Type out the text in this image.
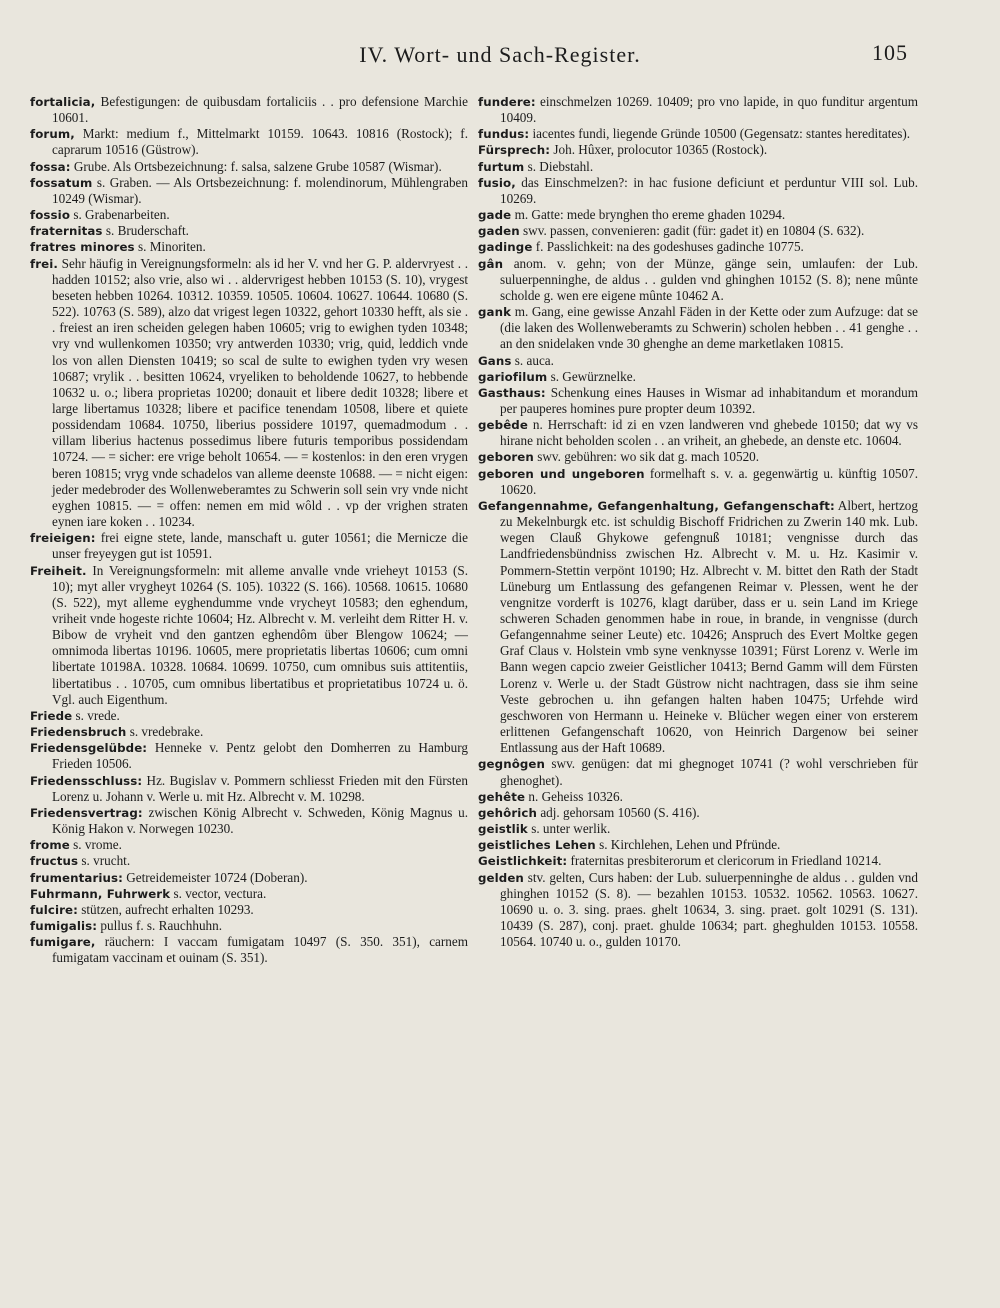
IV. Wort- und Sach-Register.	105

fortalicia, Befestigungen: de quibusdam fortaliciis . . pro defensione Marchie 10601.

forum, Markt: medium f., Mittelmarkt 10159. 10643. 10816 (Rostock); f. caprarum 10516 (Güstrow).

fossa: Grube. Als Ortsbezeichnung: f. salsa, salzene Grube 10587 (Wismar).

fossatum s. Graben. — Als Ortsbezeichnung: f. molendinorum, Mühlengraben 10249 (Wismar).

fossio s. Grabenarbeiten.

fraternitas s. Bruderschaft.

fratres minores s. Minoriten.

frei. Sehr häufig in Vereignungsformeln: als id her V. vnd her G. P. aldervryest . . hadden 10152; also vrie, also wi . . aldervrigest hebben 10153 (S. 10), vrygest beseten hebben 10264. 10312. 10359. 10505. 10604. 10627. 10644. 10680 (S. 522). 10763 (S. 589), alzo dat vrigest legen 10322, gehort 10330 hefft, als sie . . freiest an iren scheiden gelegen haben 10605; vrig to ewighen tyden 10348; vry vnd wullenkomen 10350; vry antwerden 10330; vrig, quid, leddich vnde los von allen Diensten 10419; so scal de sulte to ewighen tyden vry wesen 10687; vrylik . . besitten 10624, vryeliken to beholdende 10627, to hebbende 10632 u. o.; libera proprietas 10200; donauit et libere dedit 10328; libere et large libertamus 10328; libere et pacifice tenendam 10508, libere et quiete possidendam 10684. 10750, liberius possidere 10197, quemadmodum . . villam liberius hactenus possedimus libere futuris temporibus possidendam 10724. — = sicher: ere vrige beholt 10654. — = kostenlos: in den eren vrygen beren 10815; vryg vnde schadelos van alleme deenste 10688. — = nicht eigen: jeder medebroder des Wollenweberamtes zu Schwerin soll sein vry vnde nicht eyghen 10815. — = offen: nemen em mid wôld . . vp der vrighen straten eynen iare koken . . 10234.

freieigen: frei eigne stete, lande, manschaft u. guter 10561; die Mernicze die unser freyeygen gut ist 10591.

Freiheit. In Vereignungsformeln: mit alleme anvalle vnde vrieheyt 10153 (S. 10); myt aller vrygheyt 10264 (S. 105). 10322 (S. 166). 10568. 10615. 10680 (S. 522), myt alleme eyghendumme vnde vrycheyt 10583; den eghendum, vriheit vnde hogeste richte 10604; Hz. Albrecht v. M. verleiht dem Ritter H. v. Bibow de vryheit vnd den gantzen eghendôm über Blengow 10624; — omnimoda libertas 10196. 10605, mere proprietatis libertas 10606; cum omni libertate 10198A. 10328. 10684. 10699. 10750, cum omnibus suis attitentiis, libertatibus . . 10705, cum omnibus libertatibus et proprietatibus 10724 u. ö. Vgl. auch Eigenthum.

Friede s. vrede.

Friedensbruch s. vredebrake.

Friedensgelübde: Henneke v. Pentz gelobt den Domherren zu Hamburg Frieden 10506.

Friedensschluss: Hz. Bugislav v. Pommern schliesst Frieden mit den Fürsten Lorenz u. Johann v. Werle u. mit Hz. Albrecht v. M. 10298.

Friedensvertrag: zwischen König Albrecht v. Schweden, König Magnus u. König Hakon v. Norwegen 10230.

frome s. vrome.

fructus s. vrucht.

frumentarius: Getreidemeister 10724 (Doberan).

Fuhrmann, Fuhrwerk s. vector, vectura.

fulcire: stützen, aufrecht erhalten 10293.

fumigalis: pullus f. s. Rauchhuhn.

fumigare, räuchern: I vaccam fumigatam 10497 (S. 350. 351), carnem fumigatam vaccinam et ouinam (S. 351).

fundere: einschmelzen 10269. 10409; pro vno lapide, in quo funditur argentum 10409.

fundus: iacentes fundi, liegende Gründe 10500 (Gegensatz: stantes hereditates).

Fürsprech: Joh. Hûxer, prolocutor 10365 (Rostock).

furtum s. Diebstahl.

fusio, das Einschmelzen?: in hac fusione deficiunt et perduntur VIII sol. Lub. 10269.

gade m. Gatte: mede brynghen tho ereme ghaden 10294.

gaden swv. passen, convenieren: gadit (für: gadet it) en 10804 (S. 632).

gadinge f. Passlichkeit: na des godeshuses gadinche 10775.

gân anom. v. gehn; von der Münze, gänge sein, umlaufen: der Lub. suluerpenninghe, de aldus . . gulden vnd ghinghen 10152 (S. 8); nene mûnte scholde g. wen ere eigene mûnte 10462 A.

gank m. Gang, eine gewisse Anzahl Fäden in der Kette oder zum Aufzuge: dat se (die laken des Wollenweberamts zu Schwerin) scholen hebben . . 41 genghe . . an den snidelaken vnde 30 ghenghe an deme marketlaken 10815.

Gans s. auca.

gariofilum s. Gewürznelke.

Gasthaus: Schenkung eines Hauses in Wismar ad inhabitandum et morandum per pauperes homines pure propter deum 10392.

gebêde n. Herrschaft: id zi en vzen landweren vnd ghebede 10150; dat wy vs hirane nicht beholden scolen . . an vriheit, an ghebede, an denste etc. 10604.

geboren swv. gebühren: wo sik dat g. mach 10520.

geboren und ungeboren formelhaft s. v. a. gegenwärtig u. künftig 10507. 10620.

Gefangennahme, Gefangenhaltung, Gefangenschaft: Albert, hertzog zu Mekelnburgk etc. ist schuldig Bischoff Fridrichen zu Zwerin 140 mk. Lub. wegen Clauß Ghykowe gefengnuß 10181; vengnisse durch das Landfriedensbündniss zwischen Hz. Albrecht v. M. u. Hz. Kasimir v. Pommern-Stettin verpönt 10190; Hz. Albrecht v. M. bittet den Rath der Stadt Lüneburg um Entlassung des gefangenen Reimar v. Plessen, went he der vengnitze vorderft is 10276, klagt darüber, dass er u. sein Land im Kriege schweren Schaden genommen habe in roue, in brande, in vengnisse (durch Gefangennahme seiner Leute) etc. 10426; Anspruch des Evert Moltke gegen Graf Claus v. Holstein vmb syne venknysse 10391; Fürst Lorenz v. Werle im Bann wegen capcio zweier Geistlicher 10413; Bernd Gamm will dem Fürsten Lorenz v. Werle u. der Stadt Güstrow nicht nachtragen, dass sie ihm seine Veste gebrochen u. ihn gefangen halten haben 10475; Urfehde wird geschworen von Hermann u. Heineke v. Blücher wegen einer von ersterem erlittenen Gefangenschaft 10620, von Heinrich Dargenow bei seiner Entlassung aus der Haft 10689.

gegnôgen swv. genügen: dat mi ghegnoget 10741 (? wohl verschrieben für ghenoghet).

gehête n. Geheiss 10326.

gehôrich adj. gehorsam 10560 (S. 416).

geistlik s. unter werlik.

geistliches Lehen s. Kirchlehen, Lehen und Pfründe.

Geistlichkeit: fraternitas presbiterorum et clericorum in Friedland 10214.

gelden stv. gelten, Curs haben: der Lub. suluerpenninghe de aldus . . gulden vnd ghinghen 10152 (S. 8). — bezahlen 10153. 10532. 10562. 10563. 10627. 10690 u. o. 3. sing. praes. ghelt 10634, 3. sing. praet. golt 10291 (S. 131). 10439 (S. 287), conj. praet. ghulde 10634; part. gheghulden 10153. 10558. 10564. 10740 u. o., gulden 10170.
